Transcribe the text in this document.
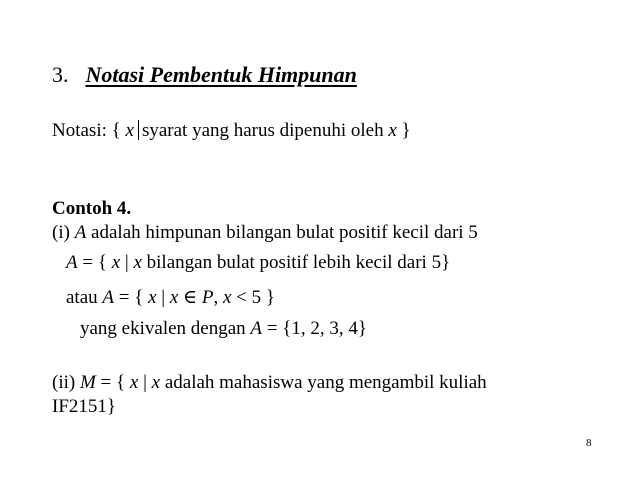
3. Notasi Pembentuk Himpunan
Notasi: { x syarat yang harus dipenuhi oleh x }
Contoh 4.
(i) A adalah himpunan bilangan bulat positif kecil dari 5
A = { x | x bilangan bulat positif lebih kecil dari 5}
atau A = { x | x ∈ P, x < 5 }
yang ekivalen dengan A = {1, 2, 3, 4}
(ii) M = { x | x adalah mahasiswa yang mengambil kuliah
IF2151}
8
